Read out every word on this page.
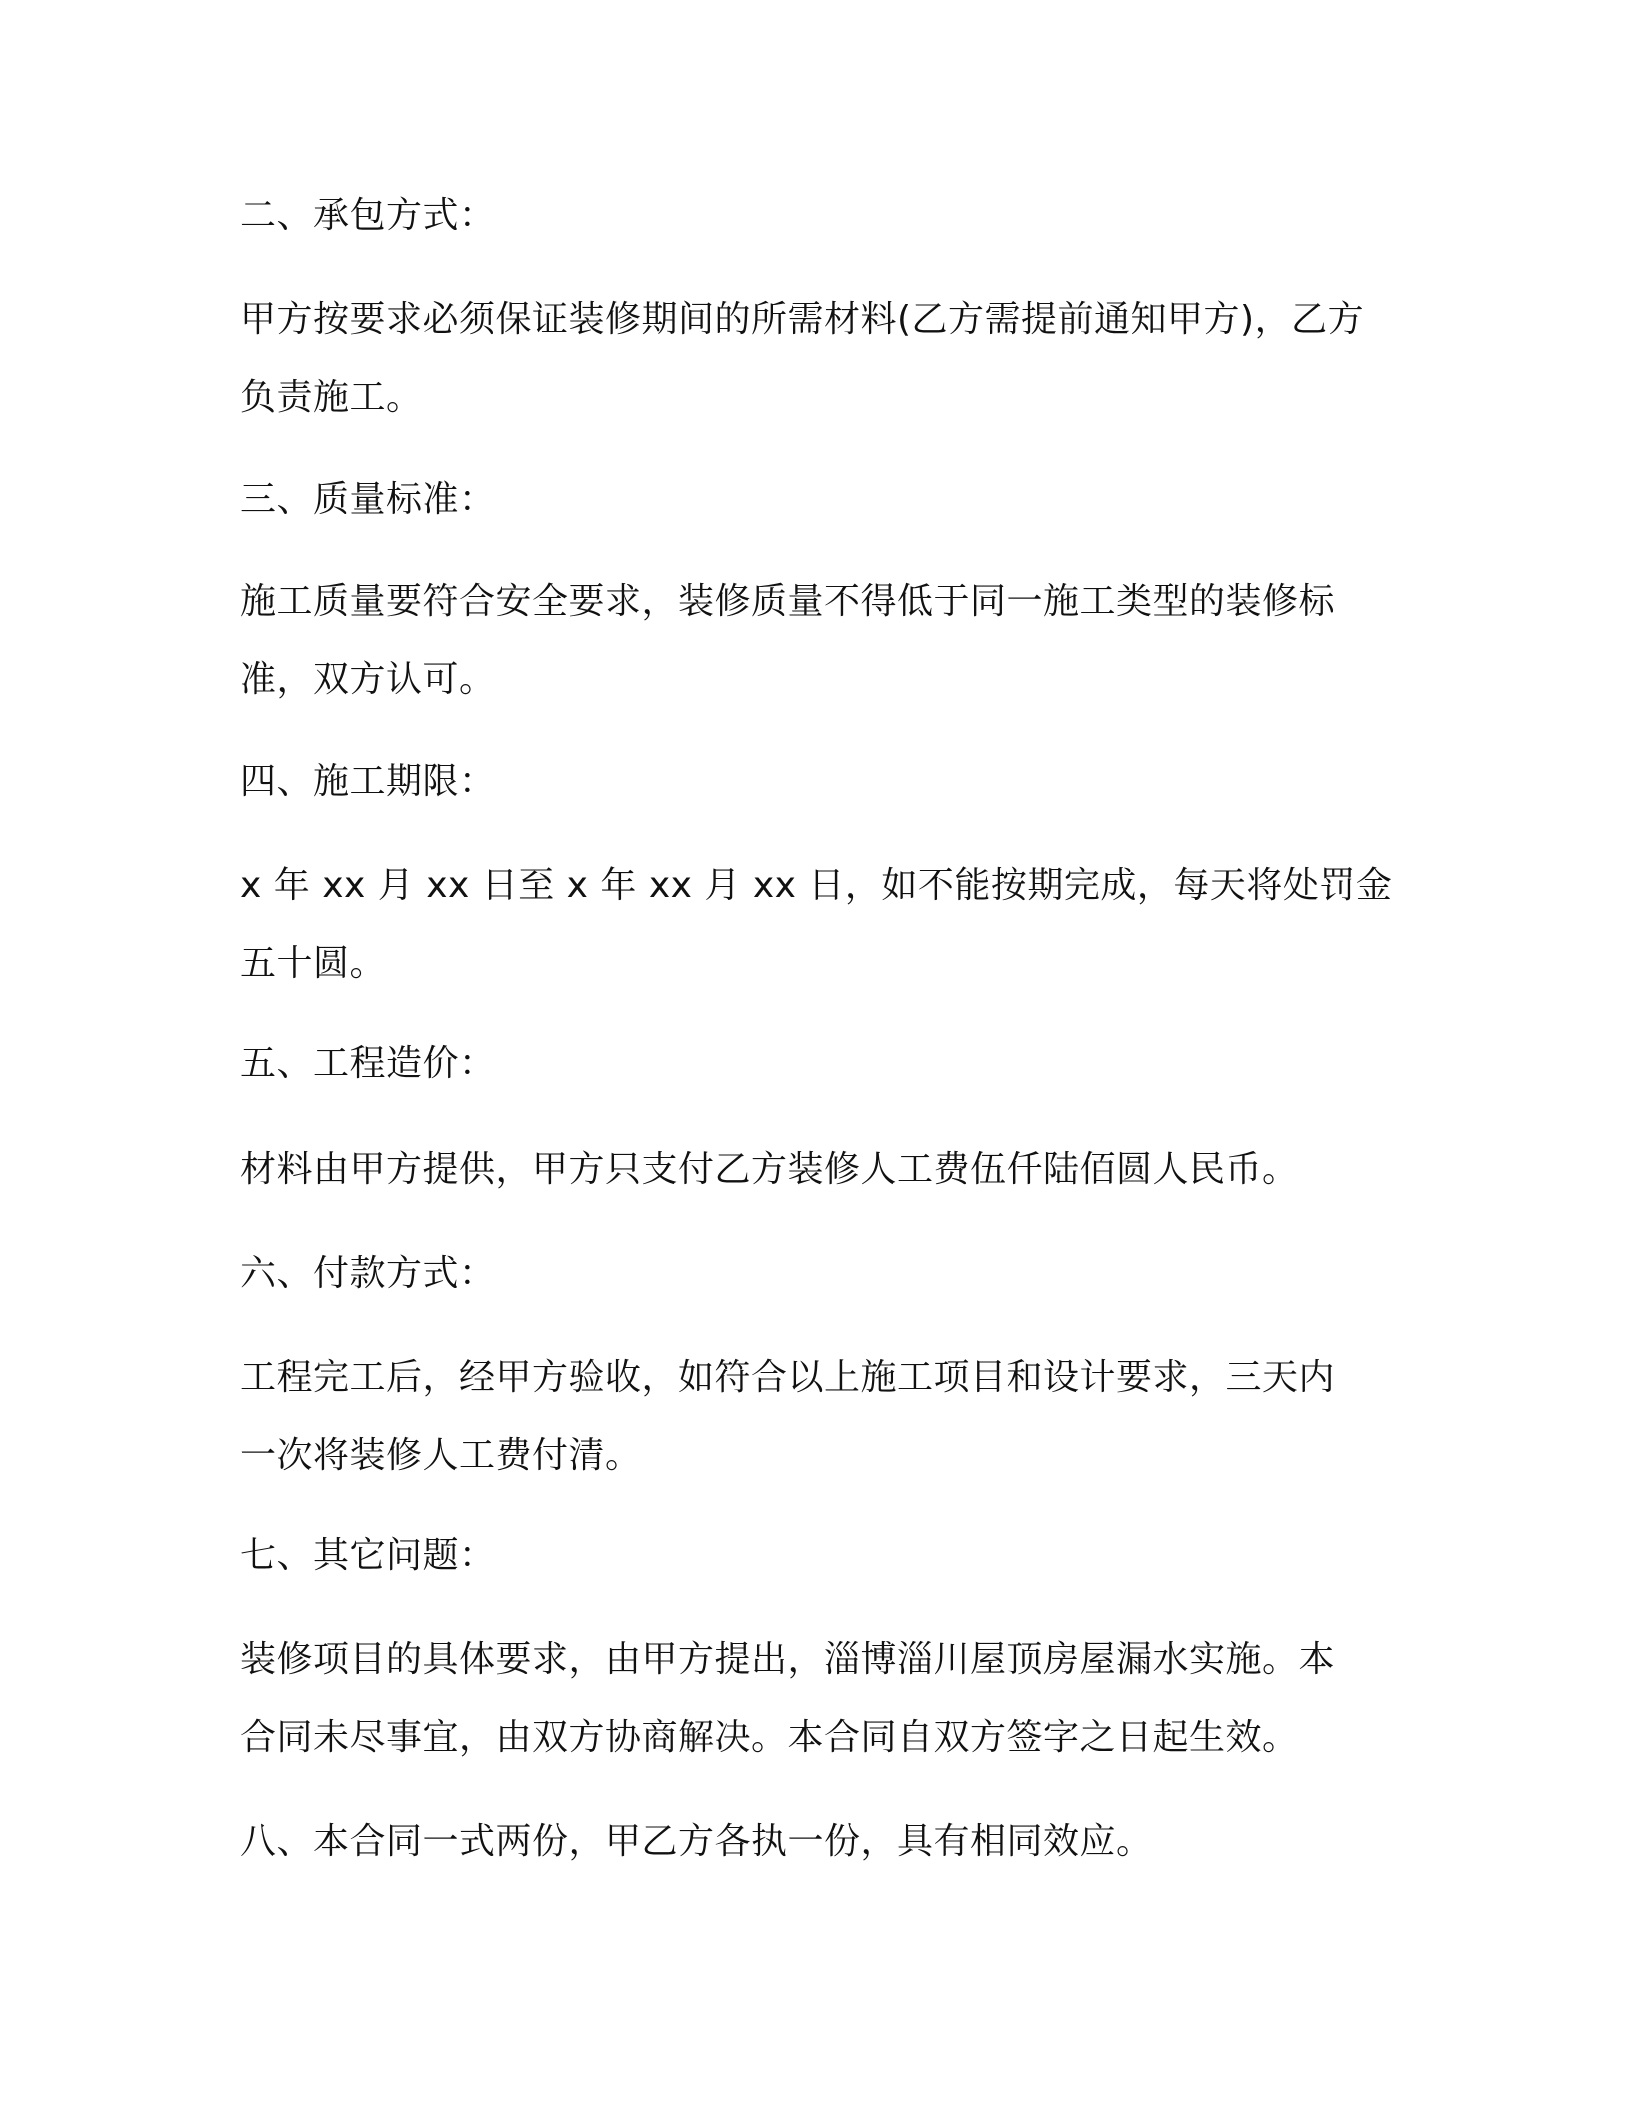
二、承包方式：

甲方按要求必须保证装修期间的所需材料(乙方需提前通知甲方)，乙方

负责施工。

三、质量标准：

施工质量要符合安全要求，装修质量不得低于同一施工类型的装修标

准，双方认可。

四、施工期限：

x 年 xx 月 xx 日至 x 年 xx 月 xx 日，如不能按期完成，每天将处罚金

五十圆。

五、工程造价：

材料由甲方提供，甲方只支付乙方装修人工费伍仟陆佰圆人民币。

六、付款方式：

工程完工后，经甲方验收，如符合以上施工项目和设计要求，三天内

一次将装修人工费付清。

七、其它问题：

装修项目的具体要求，由甲方提出，淄博淄川屋顶房屋漏水实施。本

合同未尽事宜，由双方协商解决。本合同自双方签字之日起生效。

八、本合同一式两份，甲乙方各执一份，具有相同效应。
